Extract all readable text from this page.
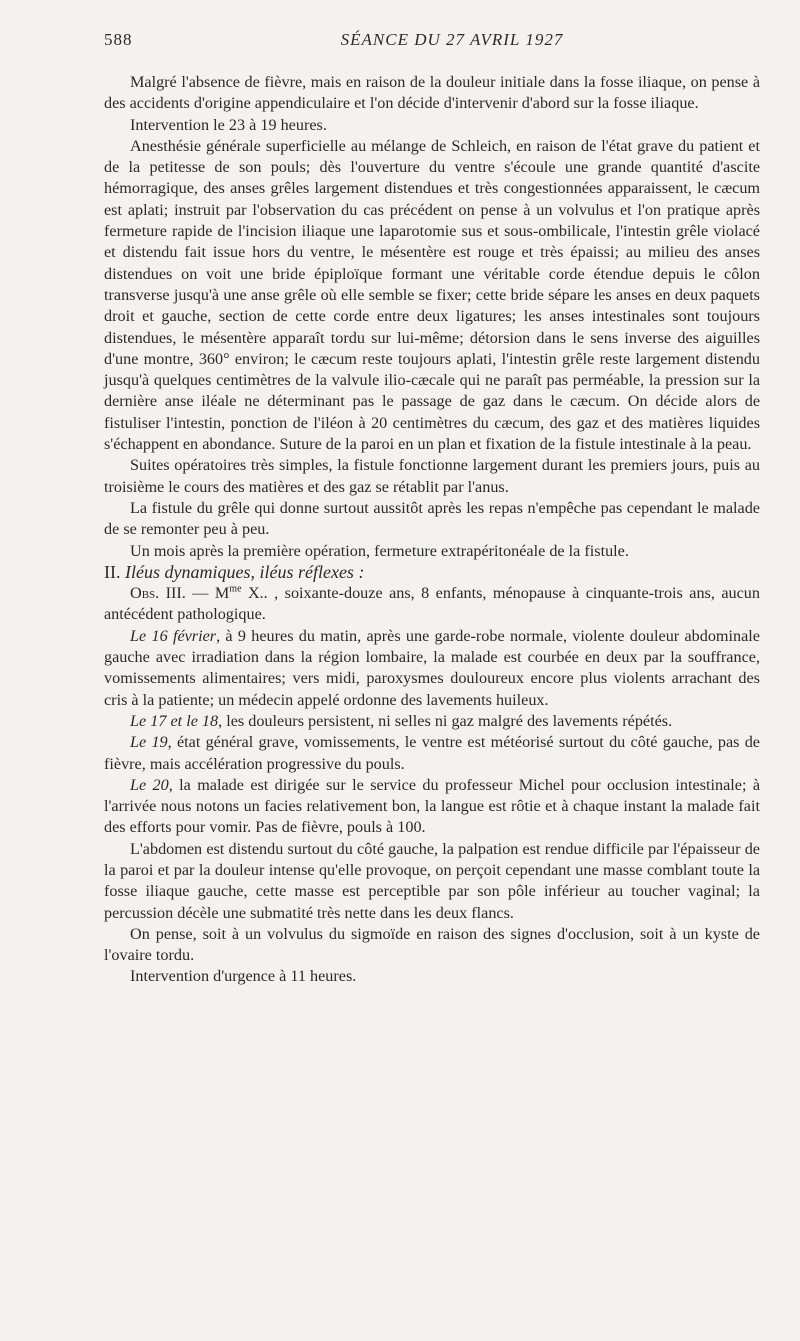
588	SÉANCE DU 27 AVRIL 1927

Malgré l'absence de fièvre, mais en raison de la douleur initiale dans la fosse iliaque, on pense à des accidents d'origine appendiculaire et l'on décide d'intervenir d'abord sur la fosse iliaque.

Intervention le 23 à 19 heures.

Anesthésie générale superficielle au mélange de Schleich, en raison de l'état grave du patient et de la petitesse de son pouls; dès l'ouverture du ventre s'écoule une grande quantité d'ascite hémorragique, des anses grêles largement distendues et très congestionnées apparaissent, le cæcum est aplati; instruit par l'observation du cas précédent on pense à un volvulus et l'on pratique après fermeture rapide de l'incision iliaque une laparotomie sus et sous-ombilicale, l'intestin grêle violacé et distendu fait issue hors du ventre, le mésentère est rouge et très épaissi; au milieu des anses distendues on voit une bride épiploïque formant une véritable corde étendue depuis le côlon transverse jusqu'à une anse grêle où elle semble se fixer; cette bride sépare les anses en deux paquets droit et gauche, section de cette corde entre deux ligatures; les anses intestinales sont toujours distendues, le mésentère apparaît tordu sur lui-même; détorsion dans le sens inverse des aiguilles d'une montre, 360° environ; le cæcum reste toujours aplati, l'intestin grêle reste largement distendu jusqu'à quelques centimètres de la valvule ilio-cæcale qui ne paraît pas perméable, la pression sur la dernière anse iléale ne déterminant pas le passage de gaz dans le cæcum. On décide alors de fistuliser l'intestin, ponction de l'iléon à 20 centimètres du cæcum, des gaz et des matières liquides s'échappent en abondance. Suture de la paroi en un plan et fixation de la fistule intestinale à la peau.

Suites opératoires très simples, la fistule fonctionne largement durant les premiers jours, puis au troisième le cours des matières et des gaz se rétablit par l'anus.

La fistule du grêle qui donne surtout aussitôt après les repas n'empêche pas cependant le malade de se remonter peu à peu.

Un mois après la première opération, fermeture extrapéritonéale de la fistule.

II. Iléus dynamiques, iléus réflexes :

Obs. III. — $M^{me}$ X.. , soixante-douze ans, 8 enfants, ménopause à cinquante-trois ans, aucun antécédent pathologique.

Le 16 février, à 9 heures du matin, après une garde-robe normale, violente douleur abdominale gauche avec irradiation dans la région lombaire, la malade est courbée en deux par la souffrance, vomissements alimentaires; vers midi, paroxysmes douloureux encore plus violents arrachant des cris à la patiente; un médecin appelé ordonne des lavements huileux.

Le 17 et le 18, les douleurs persistent, ni selles ni gaz malgré des lavements répétés.

Le 19, état général grave, vomissements, le ventre est météorisé surtout du côté gauche, pas de fièvre, mais accélération progressive du pouls.

Le 20, la malade est dirigée sur le service du professeur Michel pour occlusion intestinale; à l'arrivée nous notons un facies relativement bon, la langue est rôtie et à chaque instant la malade fait des efforts pour vomir. Pas de fièvre, pouls à 100.

L'abdomen est distendu surtout du côté gauche, la palpation est rendue difficile par l'épaisseur de la paroi et par la douleur intense qu'elle provoque, on perçoit cependant une masse comblant toute la fosse iliaque gauche, cette masse est perceptible par son pôle inférieur au toucher vaginal; la percussion décèle une submatité très nette dans les deux flancs.

On pense, soit à un volvulus du sigmoïde en raison des signes d'occlusion, soit à un kyste de l'ovaire tordu.

Intervention d'urgence à 11 heures.
